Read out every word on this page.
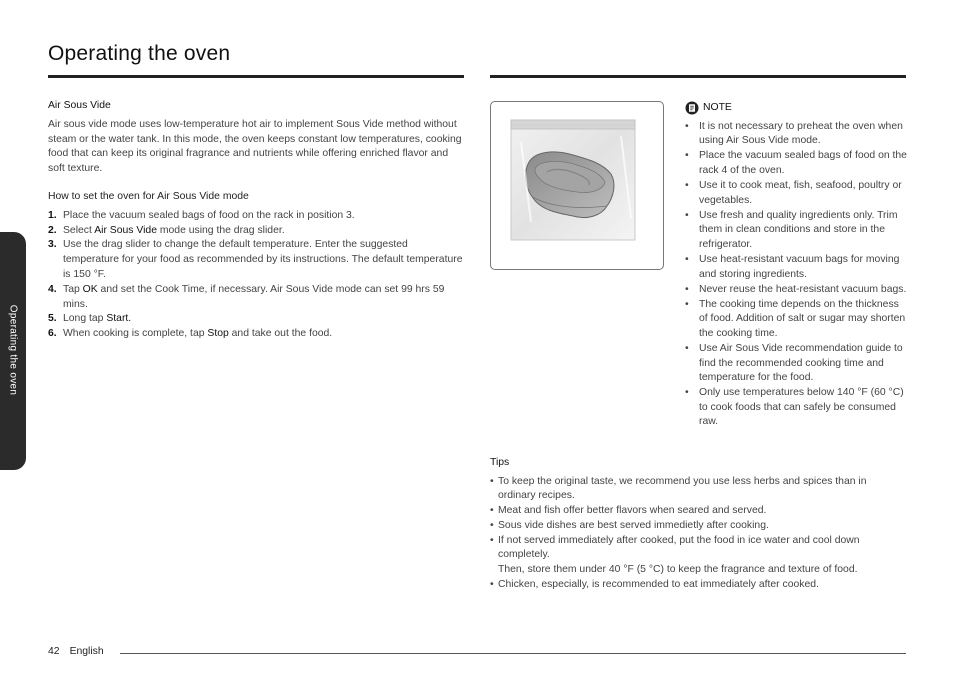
Operating the oven
Operating the oven

Air Sous Vide

Air sous vide mode uses low-temperature hot air to implement Sous Vide method without steam or the water tank. In this mode, the oven keeps constant low temperatures, cooking food that can keep its original fragrance and nutrients while offering enriched flavor and soft texture.

How to set the oven for Air Sous Vide mode

1. Place the vacuum sealed bags of food on the rack in position 3.
2. Select Air Sous Vide mode using the drag slider.
3. Use the drag slider to change the default temperature. Enter the suggested temperature for your food as recommended by its instructions. The default temperature is 150 °F.
4. Tap OK and set the Cook Time, if necessary. Air Sous Vide mode can set 99 hrs 59 mins.
5. Long tap Start.
6. When cooking is complete, tap Stop and take out the food.
NOTE
• It is not necessary to preheat the oven when using Air Sous Vide mode.
• Place the vacuum sealed bags of food on the rack 4 of the oven.
• Use it to cook meat, fish, seafood, poultry or vegetables.
• Use fresh and quality ingredients only. Trim them in clean conditions and store in the refrigerator.
• Use heat-resistant vacuum bags for moving and storing ingredients.
• Never reuse the heat-resistant vacuum bags.
• The cooking time depends on the thickness of food. Addition of salt or sugar may shorten the cooking time.
• Use Air Sous Vide recommendation guide to find the recommended cooking time and temperature for the food.
• Only use temperatures below 140 °F (60 °C) to cook foods that can safely be consumed raw.

Tips

• To keep the original taste, we recommend you use less herbs and spices than in ordinary recipes.
• Meat and fish offer better flavors when seared and served.
• Sous vide dishes are best served immedietly after cooking.
• If not served immediately after cooked, put the food in ice water and cool down completely.
Then, store them under 40 °F (5 °C) to keep the fragrance and texture of food.
• Chicken, especially, is recommended to eat immediately after cooked.
42 English
